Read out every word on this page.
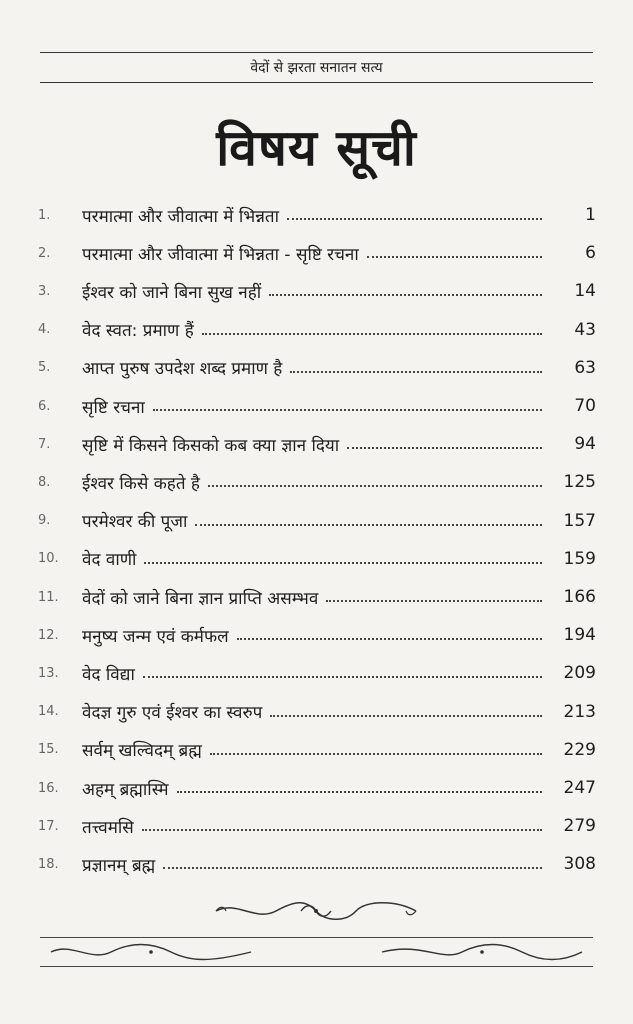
वेदों से झरता सनातन सत्य
विषय सूची
1.	परमात्मा और जीवात्मा में भिन्नता	1
2.	परमात्मा और जीवात्मा में भिन्नता - सृष्टि रचना	6
3.	ईश्वर को जाने बिना सुख नहीं	14
4.	वेद स्वत: प्रमाण हैं	43
5.	आप्त पुरुष उपदेश शब्द प्रमाण है	63
6.	सृष्टि रचना	70
7.	सृष्टि में किसने किसको कब क्या ज्ञान दिया	94
8.	ईश्वर किसे कहते है	125
9.	परमेश्वर की पूजा	157
10.	वेद वाणी	159
11.	वेदों को जाने बिना ज्ञान प्राप्ति असम्भव	166
12.	मनुष्य जन्म एवं कर्मफल	194
13.	वेद विद्या	209
14.	वेदज्ञ गुरु एवं ईश्वर का स्वरुप	213
15.	सर्वम् खल्विदम् ब्रह्म	229
16.	अहम् ब्रह्मास्मि	247
17.	तत्त्वमसि	279
18.	प्रज्ञानम् ब्रह्म	308
